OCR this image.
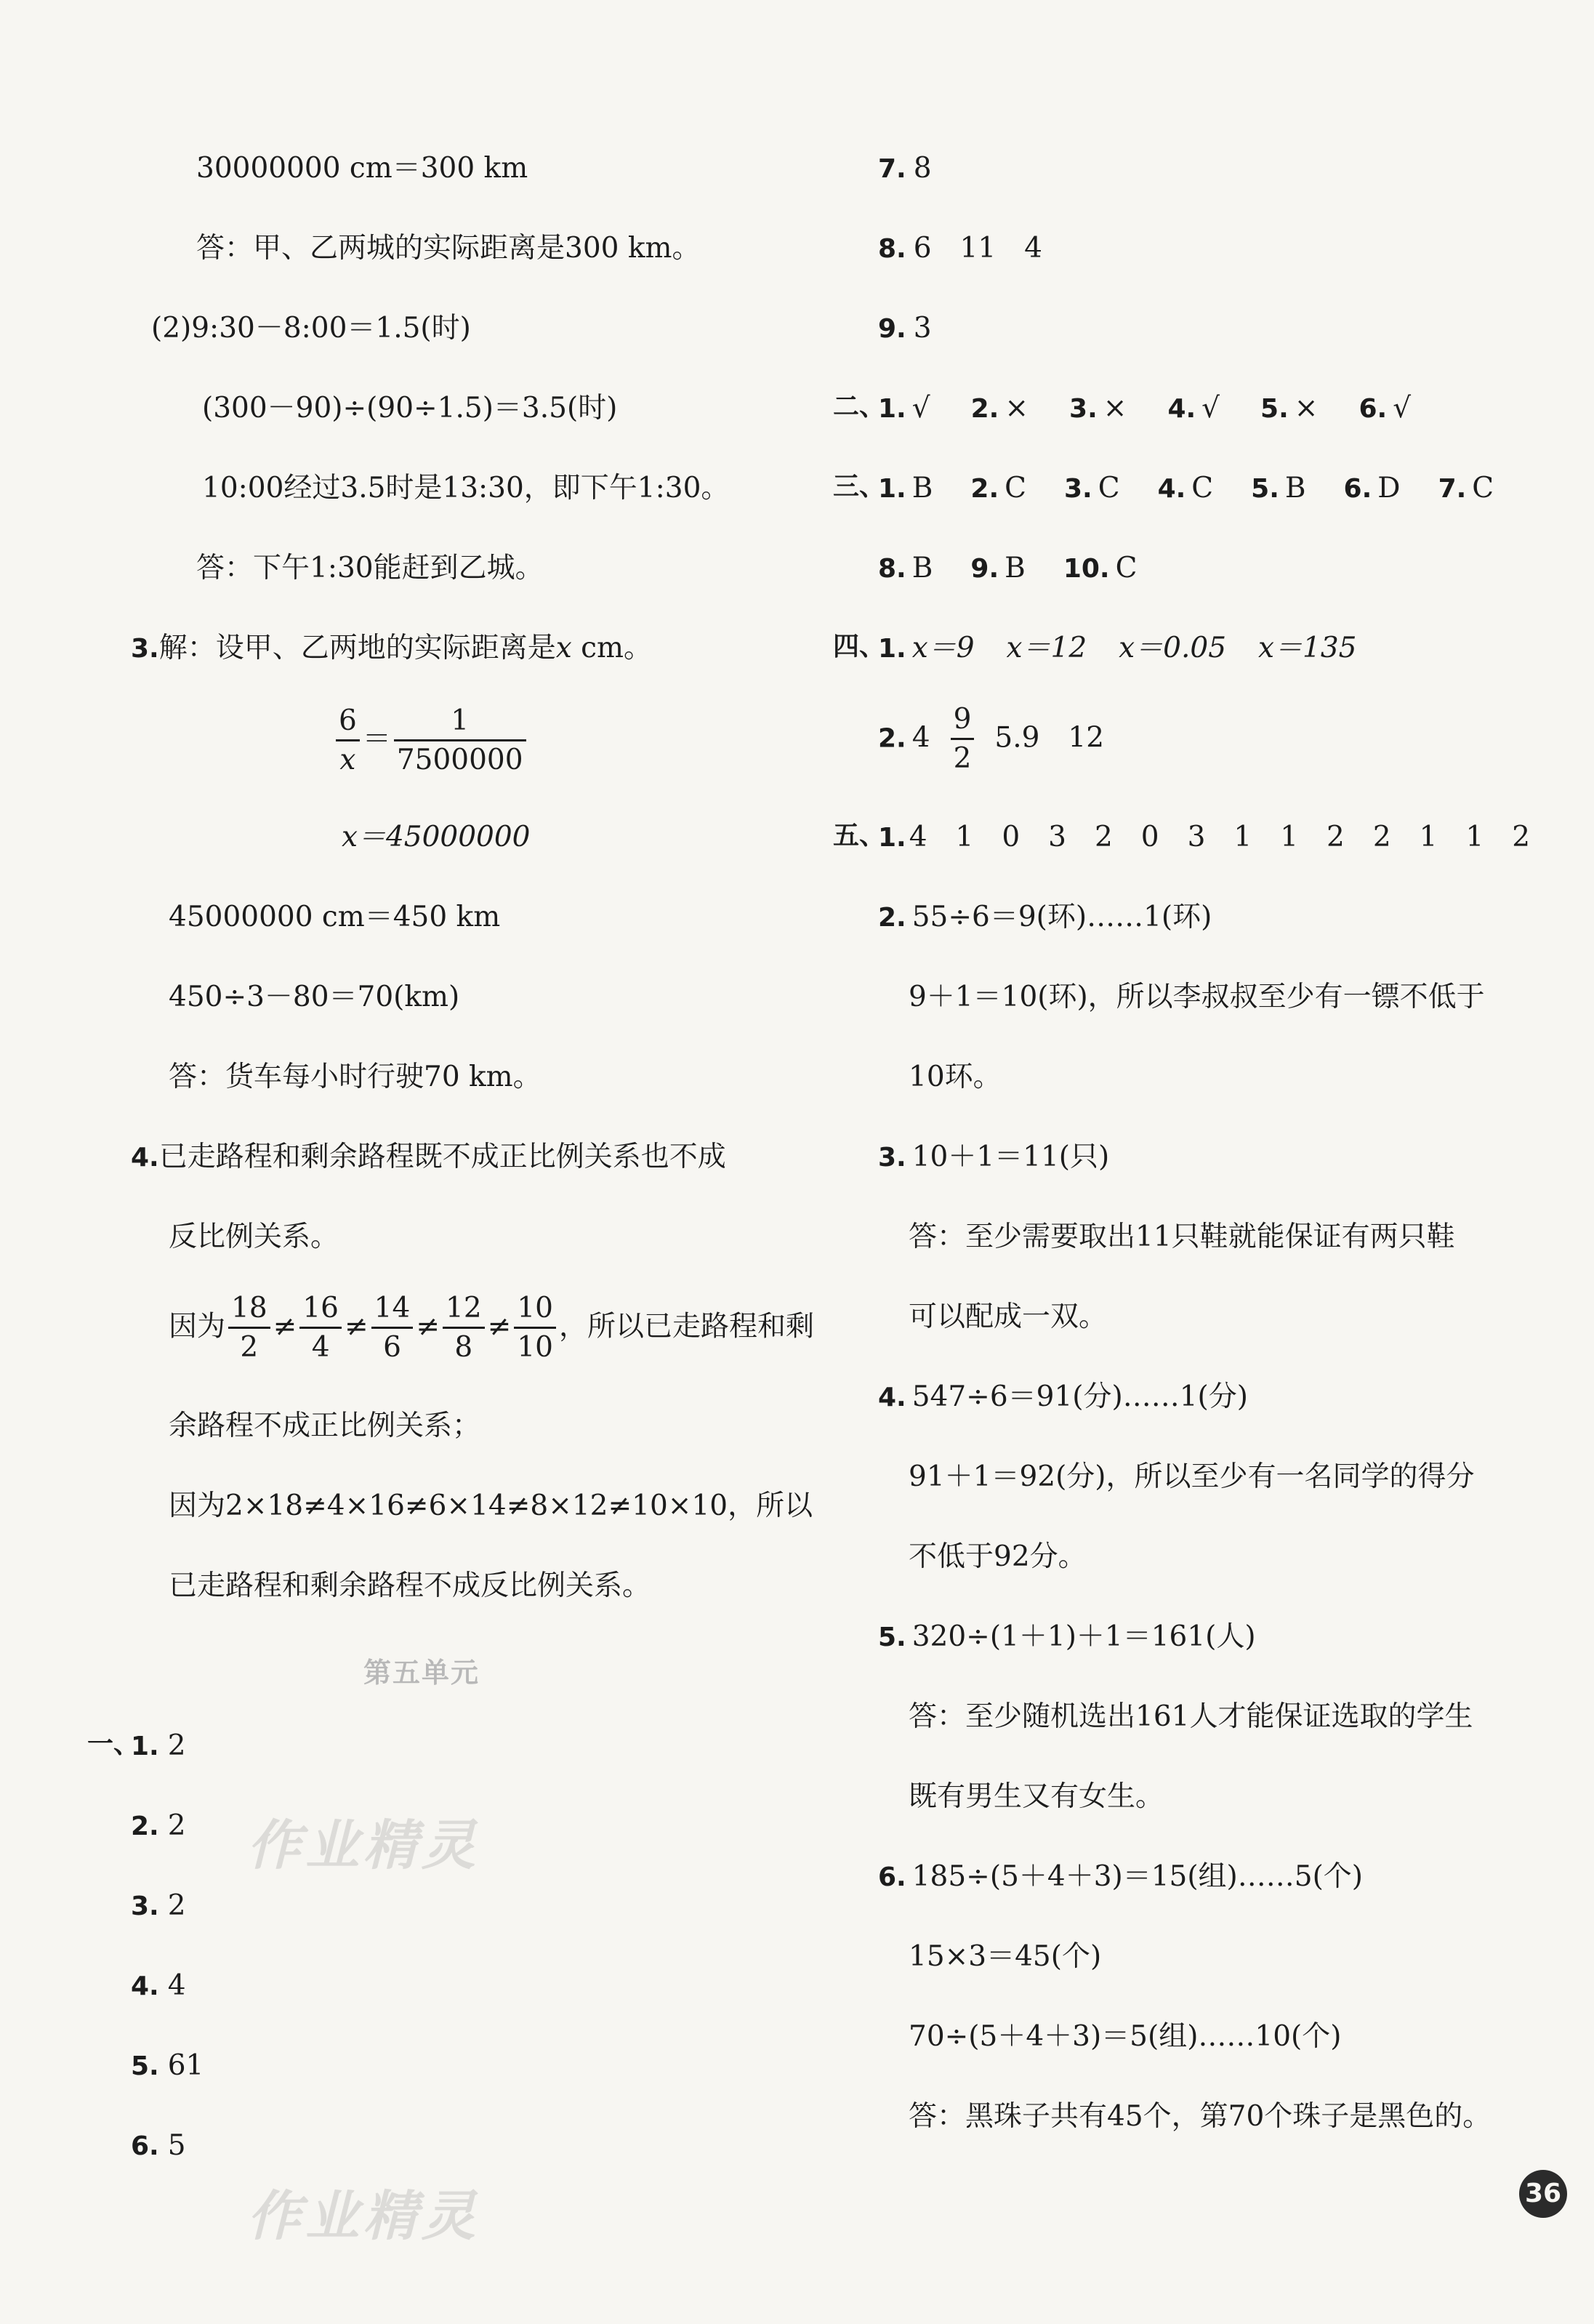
30000000 cm＝300 km
答：甲、乙两城的实际距离是300 km。
(2)9:30－8:00＝1.5(时)
(300－90)÷(90÷1.5)＝3.5(时)
10:00经过3.5时是13:30，即下午1:30。
答：下午1:30能赶到乙城。
3.解：设甲、乙两地的实际距离是x cm。
$\frac{6}{x} = \frac{1}{7500000}$
x＝45000000
45000000 cm＝450 km
450÷3－80＝70(km)
答：货车每小时行驶70 km。
4.已走路程和剩余路程既不成正比例关系也不成
反比例关系。
因为 $\frac{18}{2} \ne \frac{16}{4} \ne \frac{14}{6} \ne \frac{12}{8} \ne \frac{10}{10}$ ，所以已走路程和剩
余路程不成正比例关系；
因为2×18≠4×16≠6×14≠8×12≠10×10，所以
已走路程和剩余路程不成反比例关系。
第五单元
一、
1. 2
2. 2
3. 2
4. 4
5. 61
6. 5
作业精灵
作业精灵
7. 8
8. 6　11　4
9. 3
二、
1. √ 2. × 3. × 4. √ 5. × 6. √
三、
1. B 2. C 3. C 4. C 5. B 6. D 7. C
8. B 9. B 10. C
四、
1. x＝9 x＝12 x＝0.05 x＝135
2. $4 \frac{9}{2} 5.9$　12
五、
1. 4　1　0　3　2　0　3　1　1　2　2　1　1　2
2. 55÷6＝9(环)……1(环)
9＋1＝10(环)，所以李叔叔至少有一镖不低于
10环。
3. 10＋1＝11(只)
答：至少需要取出11只鞋就能保证有两只鞋
可以配成一双。
4. 547÷6＝91(分)……1(分)
91＋1＝92(分)，所以至少有一名同学的得分
不低于92分。
5. 320÷(1＋1)＋1＝161(人)
答：至少随机选出161人才能保证选取的学生
既有男生又有女生。
6. 185÷(5＋4＋3)＝15(组)……5(个)
15×3＝45(个)
70÷(5＋4＋3)＝5(组)……10(个)
答：黑珠子共有45个，第70个珠子是黑色的。
36
